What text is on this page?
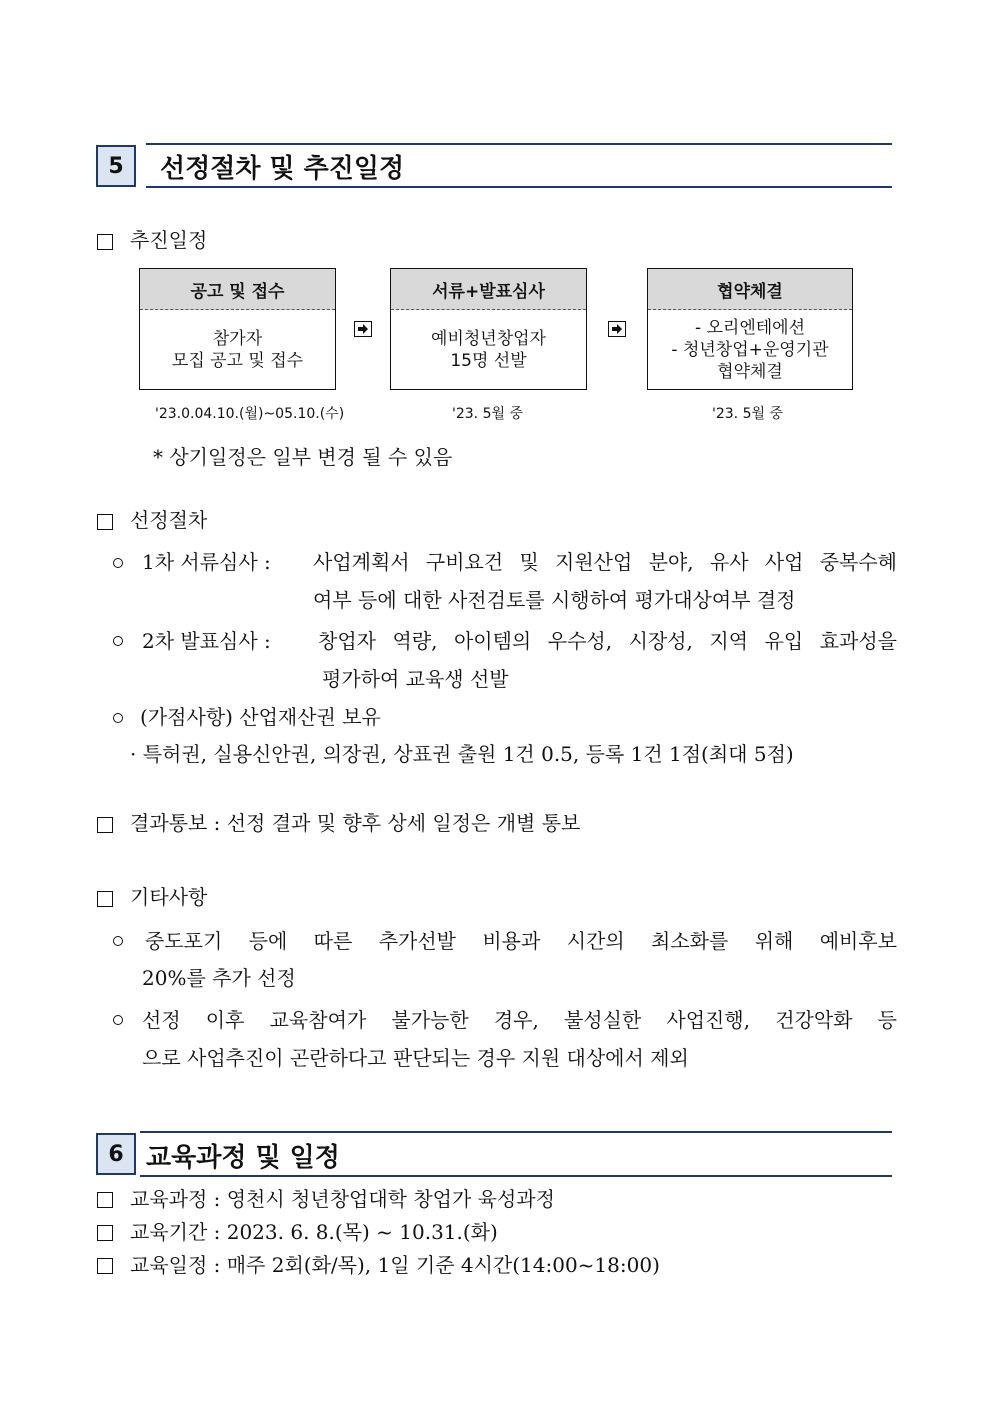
5	선정절차 및 추진일정
추진일정
공고 및 접수
참가자
모집 공고 및 접수
서류+발표심사
예비청년창업자
15명 선발
협약체결
- 오리엔테에션
- 청년창업+운영기관
협약체결
'23.0.04.10.(월)~05.10.(수)	'23. 5월 중	'23. 5월 중
* 상기일정은 일부 변경 될 수 있음
선정절차
1차 서류심사 : 사업계획서 구비요건 및 지원산업 분야, 유사 사업 중복수혜
여부 등에 대한 사전검토를 시행하여 평가대상여부 결정
2차 발표심사 : 창업자 역량, 아이템의 우수성, 시장성, 지역 유입 효과성을
평가하여 교육생 선발
(가점사항) 산업재산권 보유
· 특허권, 실용신안권, 의장권, 상표권 출원 1건 0.5, 등록 1건 1점(최대 5점)
결과통보 : 선정 결과 및 향후 상세 일정은 개별 통보
기타사항
중도포기 등에 따른 추가선발 비용과 시간의 최소화를 위해 예비후보
20%를 추가 선정
선정 이후 교육참여가 불가능한 경우, 불성실한 사업진행, 건강악화 등
으로 사업추진이 곤란하다고 판단되는 경우 지원 대상에서 제외
6 교육과정 및 일정
교육과정 : 영천시 청년창업대학 창업가 육성과정
교육기간 : 2023. 6. 8.(목) ~ 10.31.(화)
교육일정 : 매주 2회(화/목), 1일 기준 4시간(14:00~18:00)
